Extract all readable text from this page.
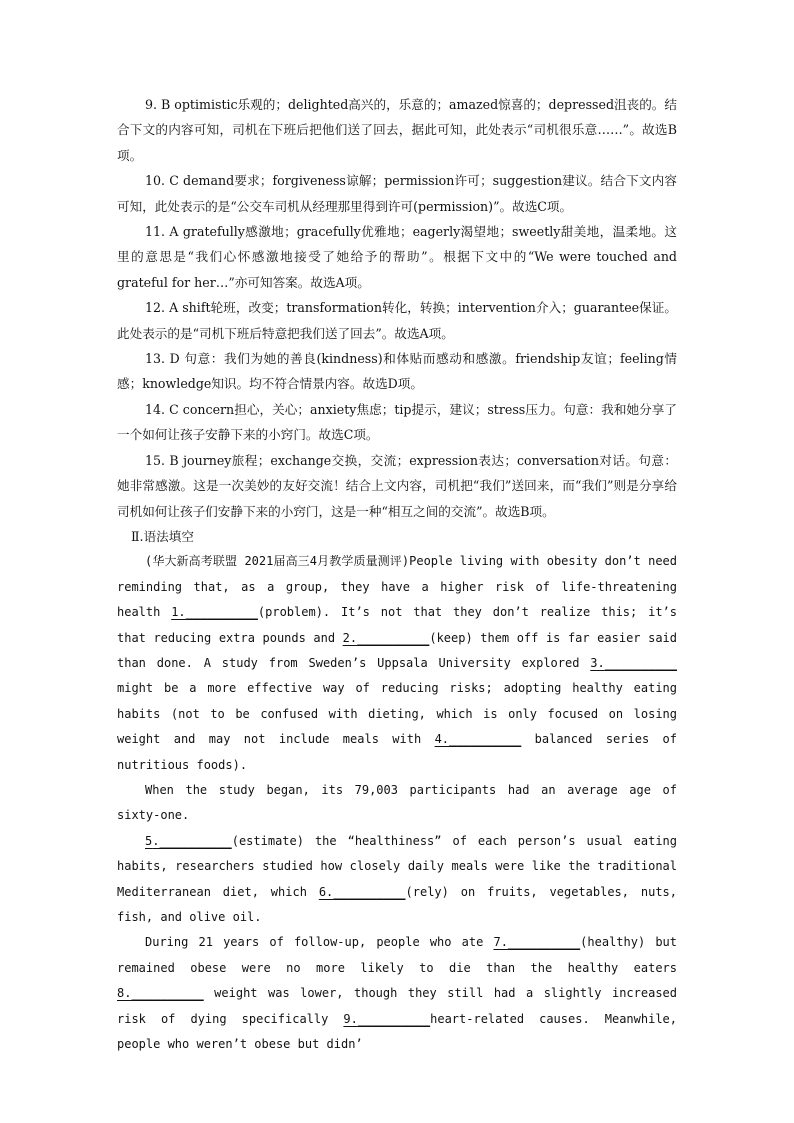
9. B optimistic乐观的；delighted高兴的，乐意的；amazed惊喜的；depressed沮丧的。结合下文的内容可知，司机在下班后把他们送了回去，据此可知，此处表示“司机很乐意……”。故选B项。

10. C demand要求；forgiveness谅解；permission许可；suggestion建议。结合下文内容可知，此处表示的是“公交车司机从经理那里得到许可(permission)”。故选C项。

11. A gratefully感激地；gracefully优雅地；eagerly渴望地；sweetly甜美地，温柔地。这里的意思是“我们心怀感激地接受了她给予的帮助”。根据下文中的“We were touched and grateful for her…”亦可知答案。故选A项。

12. A shift轮班，改变；transformation转化，转换；intervention介入；guarantee保证。此处表示的是“司机下班后特意把我们送了回去”。故选A项。

13. D 句意：我们为她的善良(kindness)和体贴而感动和感激。friendship友谊；feeling情感；knowledge知识。均不符合情景内容。故选D项。

14. C concern担心，关心；anxiety焦虑；tip提示，建议；stress压力。句意：我和她分享了一个如何让孩子安静下来的小窍门。故选C项。

15. B journey旅程；exchange交换，交流；expression表达；conversation对话。句意：她非常感激。这是一次美妙的友好交流！结合上文内容，司机把“我们”送回来，而“我们”则是分享给司机如何让孩子们安静下来的小窍门，这是一种“相互之间的交流”。故选B项。

Ⅱ.语法填空

(华大新高考联盟 2021届高三4月教学质量测评)People living with obesity don’t need reminding that, as a group, they have a higher risk of life-threatening health 1.__________(problem). It’s not that they don’t realize this; it’s that reducing extra pounds and 2.__________(keep) them off is far easier said than done. A study from Sweden’s Uppsala University explored 3.__________ might be a more effective way of reducing risks; adopting healthy eating habits (not to be confused with dieting, which is only focused on losing weight and may not include meals with 4.__________ balanced series of nutritious foods).

When the study began, its 79,003 participants had an average age of sixty-one.

5.__________(estimate) the “healthiness” of each person’s usual eating habits, researchers studied how closely daily meals were like the traditional Mediterranean diet, which 6.__________(rely) on fruits, vegetables, nuts, fish, and olive oil.

During 21 years of follow-up, people who ate 7.__________(healthy) but remained obese were no more likely to die than the healthy eaters 8.__________ weight was lower, though they still had a slightly increased risk of dying specifically 9.__________heart-related causes. Meanwhile, people who weren’t obese but didn’
